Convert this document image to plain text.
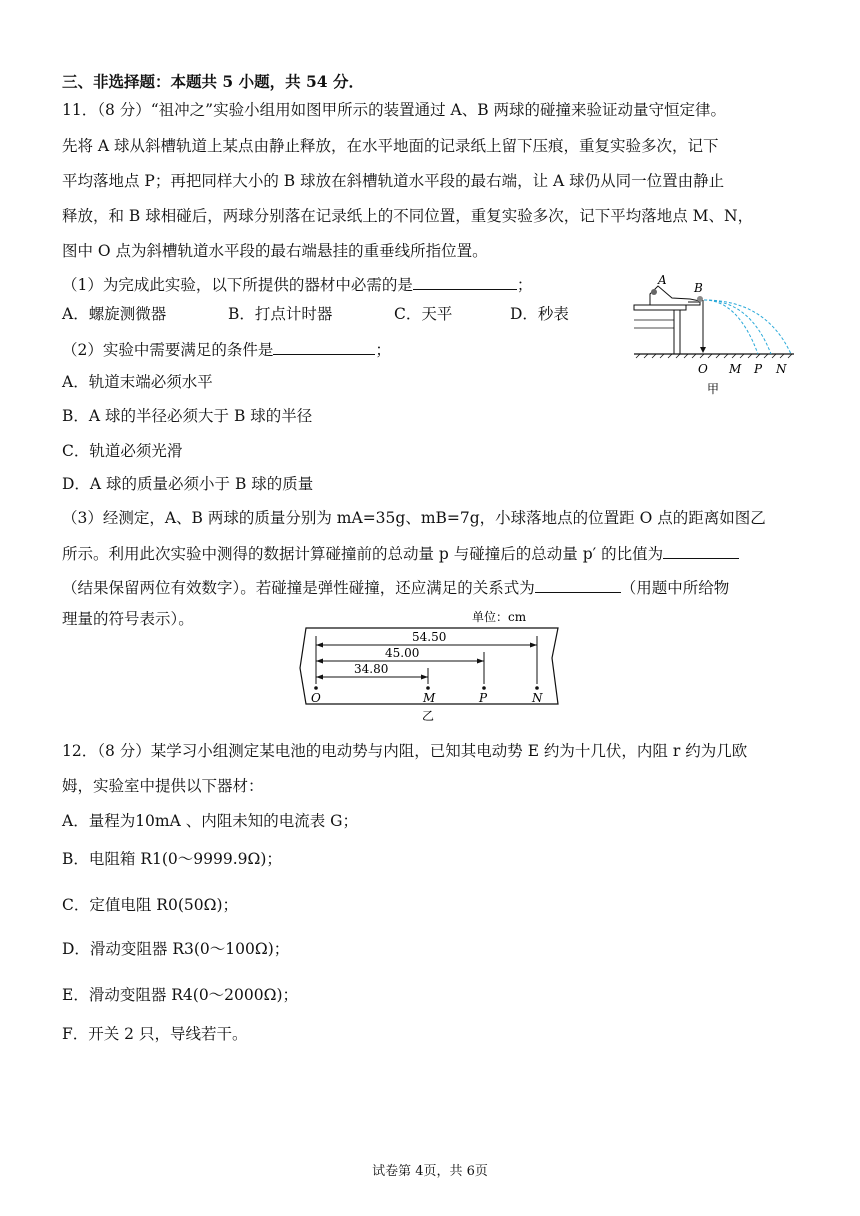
三、非选择题：本题共 5 小题，共 54 分．
11．（8 分）“祖冲之”实验小组用如图甲所示的装置通过 A、B 两球的碰撞来验证动量守恒定律。
先将 A 球从斜槽轨道上某点由静止释放，在水平地面的记录纸上留下压痕，重复实验多次，记下
平均落地点 P；再把同样大小的 B 球放在斜槽轨道水平段的最右端，让 A 球仍从同一位置由静止
释放，和 B 球相碰后，两球分别落在记录纸上的不同位置，重复实验多次，记下平均落地点 M、N，
图中 O 点为斜槽轨道水平段的最右端悬挂的重垂线所指位置。
（1）为完成此实验，以下所提供的器材中必需的是	；
A．螺旋测微器	B．打点计时器	C．天平	D．秒表
（2）实验中需要满足的条件是	；
A．轨道末端必须水平
B．A 球的半径必须大于 B 球的半径
C．轨道必须光滑
D．A 球的质量必须小于 B 球的质量
（3）经测定，A、B 两球的质量分别为 mA=35g、mB=7g，小球落地点的位置距 O 点的距离如图乙
所示。利用此次实验中测得的数据计算碰撞前的总动量 p 与碰撞后的总动量 p′ 的比值为
（结果保留两位有效数字）。若碰撞是弹性碰撞，还应满足的关系式为	（用题中所给物
理量的符号表示）。
A
B
O M P N
甲
单位：cm
54.50
45.00
34.80
O	M	P	N
乙
12．（8 分）某学习小组测定某电池的电动势与内阻，已知其电动势 E 约为十几伏，内阻 r 约为几欧
姆，实验室中提供以下器材：
A．量程为10mA 、内阻未知的电流表 G；
B．电阻箱 R1(0～9999.9Ω)；
C．定值电阻 R0(50Ω)；
D．滑动变阻器 R3(0～100Ω)；
E．滑动变阻器 R4(0～2000Ω)；
F．开关 2 只，导线若干。
试卷第 4页，共 6页
